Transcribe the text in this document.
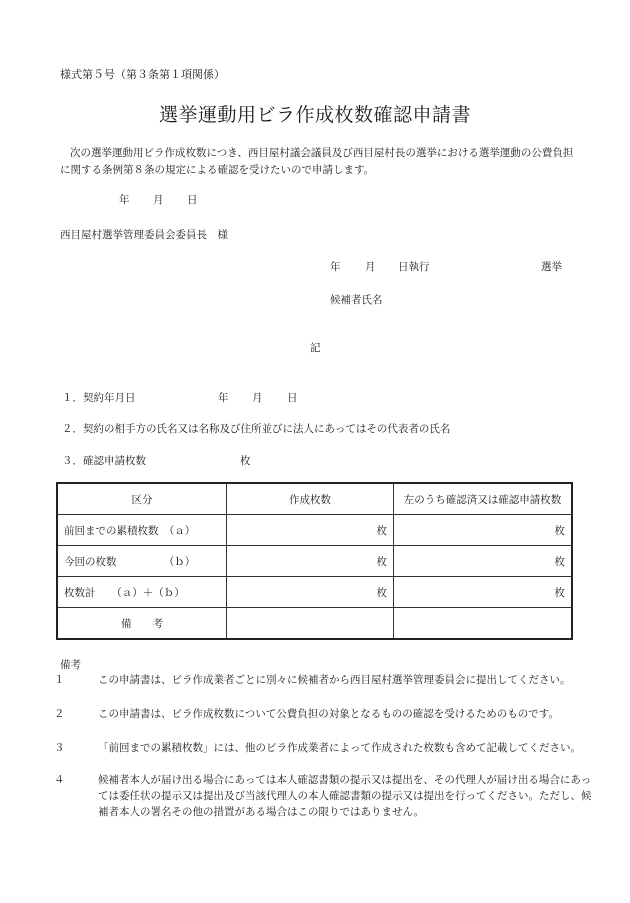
様式第５号（第３条第１項関係）
選挙運動用ビラ作成枚数確認申請書
次の選挙運動用ビラ作成枚数につき、西目屋村議会議員及び西目屋村長の選挙における選挙運動の公費負担に関する条例第８条の規定による確認を受けたいので申請します。
年 月 日
西目屋村選挙管理委員会委員長　様
年 月 日執行	選挙
候補者氏名
記
１．契約年月日	年 月 日
２．契約の相手方の氏名又は名称及び住所並びに法人にあってはその代表者の氏名
３．確認申請枚数	枚
区分	作成枚数	左のうち確認済又は確認申請枚数
前回までの累積枚数　（ａ）	枚	枚
今回の枚数　　　　　（ｂ）	枚	枚
枚数計　　（ａ）＋（ｂ）	枚	枚
備　　考		
備考
１	この申請書は、ビラ作成業者ごとに別々に候補者から西目屋村選挙管理委員会に提出してください。
２	この申請書は、ビラ作成枚数について公費負担の対象となるものの確認を受けるためのものです。
３	「前回までの累積枚数」には、他のビラ作成業者によって作成された枚数も含めて記載してください。
４	候補者本人が届け出る場合にあっては本人確認書類の提示又は提出を、その代理人が届け出る場合にあっては委任状の提示又は提出及び当該代理人の本人確認書類の提示又は提出を行ってください。ただし、候補者本人の署名その他の措置がある場合はこの限りではありません。
